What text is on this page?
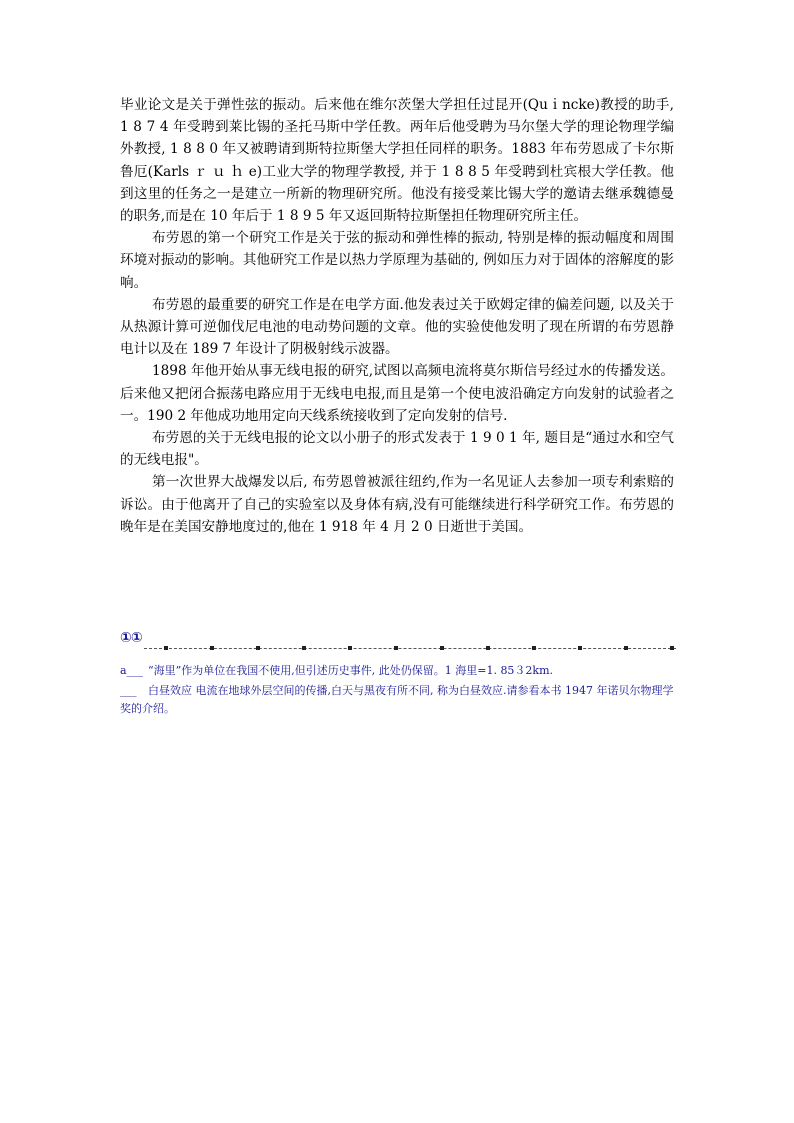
毕业论文是关于弹性弦的振动。后来他在维尔茨堡大学担任过昆开(Quｉncke)教授的助手, 1 8 7 4 年受聘到莱比锡的圣托马斯中学任教。两年后他受聘为马尔堡大学的理论物理学编外教授, 1 8 8 0 年又被聘请到斯特拉斯堡大学担任同样的职务。1883 年布劳恩成了卡尔斯鲁厄(Karls ｒ ｕ ｈ e)工业大学的物理学教授, 并于 1 8 8 5 年受聘到杜宾根大学任教。他到这里的任务之一是建立一所新的物理研究所。他没有接受莱比锡大学的邀请去继承魏德曼的职务,而是在 10 年后于 1 8 9 5 年又返回斯特拉斯堡担任物理研究所主任。

布劳恩的第一个研究工作是关于弦的振动和弹性棒的振动, 特别是棒的振动幅度和周围环境对振动的影响。其他研究工作是以热力学原理为基础的, 例如压力对于固体的溶解度的影响。

布劳恩的最重要的研究工作是在电学方面.他发表过关于欧姆定律的偏差问题, 以及关于从热源计算可逆伽伐尼电池的电动势问题的文章。他的实验使他发明了现在所谓的布劳恩静电计以及在 189 7 年设计了阴极射线示波器。

1898 年他开始从事无线电报的研究,试图以高频电流将莫尔斯信号经过水的传播发送。后来他又把闭合振荡电路应用于无线电电报,而且是第一个使电波沿确定方向发射的试验者之一。190 2 年他成功地用定向天线系统接收到了定向发射的信号.

布劳恩的关于无线电报的论文以小册子的形式发表于 1 9 0 1 年, 题目是“通过水和空气的无线电报"。

第一次世界大战爆发以后, 布劳恩曾被派往纽约,作为一名见证人去参加一项专利索赔的诉讼。由于他离开了自己的实验室以及身体有病,没有可能继续进行科学研究工作。布劳恩的晚年是在美国安静地度过的,他在 1 918 年 4 月 2 0 日逝世于美国。

①①

a___ “海里”作为单位在我国不使用,但引述历史事件, 此处仍保留。1 海里=1. 85３2km.

___ 白昼效应 电流在地球外层空间的传播,白天与黑夜有所不同, 称为白昼效应.请参看本书 1947 年诺贝尔物理学奖的介绍。
